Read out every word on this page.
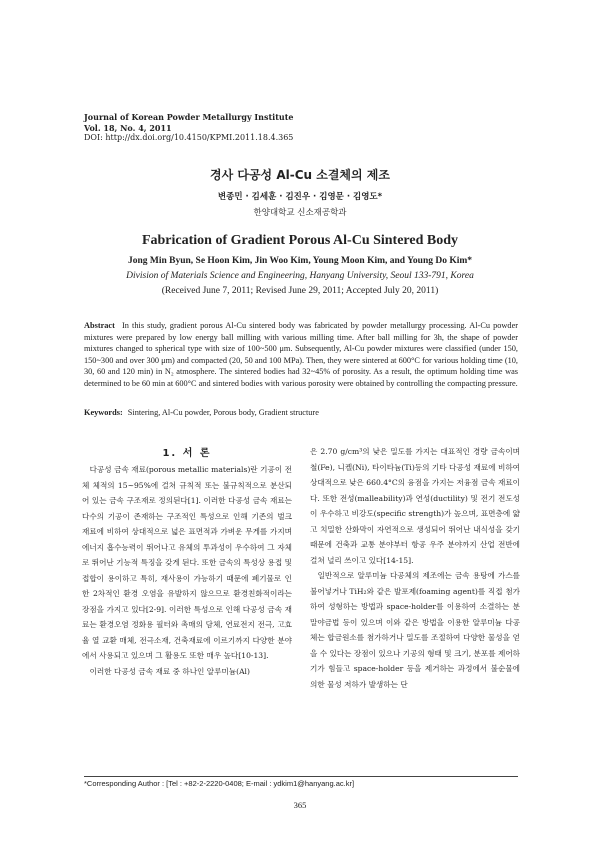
Journal of Korean Powder Metallurgy Institute
Vol. 18, No. 4, 2011
DOI: http://dx.doi.org/10.4150/KPMI.2011.18.4.365
경사 다공성 Al-Cu 소결체의 제조
변종민 · 김세훈 · 김진우 · 김영문 · 김영도*
한양대학교 신소재공학과
Fabrication of Gradient Porous Al-Cu Sintered Body
Jong Min Byun, Se Hoon Kim, Jin Woo Kim, Young Moon Kim, and Young Do Kim*
Division of Materials Science and Engineering, Hanyang University, Seoul 133-791, Korea
(Received June 7, 2011; Revised June 29, 2011; Accepted July 20, 2011)
Abstract In this study, gradient porous Al-Cu sintered body was fabricated by powder metallurgy processing. Al-Cu powder mixtures were prepared by low energy ball milling with various milling time. After ball milling for 3h, the shape of powder mixtures changed to spherical type with size of 100~500 μm. Subsequently, Al-Cu powder mixtures were classified (under 150, 150~300 and over 300 μm) and compacted (20, 50 and 100 MPa). Then, they were sintered at 600°C for various holding time (10, 30, 60 and 120 min) in N₂ atmosphere. The sintered bodies had 32~45% of porosity. As a result, the optimum holding time was determined to be 60 min at 600°C and sintered bodies with various porosity were obtained by controlling the compacting pressure.
Keywords: Sintering, Al-Cu powder, Porous body, Gradient structure
1. 서 론

다공성 금속 재료(porous metallic materials)란 기공이 전체 체적의 15~95%에 걸쳐 규칙적 또는 불규칙적으로 분산되어 있는 금속 구조재로 정의된다[1]. 이러한 다공성 금속 재료는 다수의 기공이 존재하는 구조적인 특성으로 인해 기존의 벌크 재료에 비하여 상대적으로 넓은 표면적과 가벼운 무게를 가지며 에너지 흡수능력이 뛰어나고 유체의 투과성이 우수하여 그 자체로 뛰어난 기능적 특징을 갖게 된다. 또한 금속의 특성상 용접 및 접합이 용이하고 특히, 재사용이 가능하기 때문에 폐기물로 인한 2차적인 환경 오염을 유발하지 않으므로 환경친화적이라는 장점을 가지고 있다[2-9]. 이러한 특성으로 인해 다공성 금속 재료는 환경오염 정화용 필터와 촉매의 담체, 연료전지 전극, 고효율 열 교환 매체, 전극소재, 건축재료에 이르기까지 다양한 분야에서 사용되고 있으며 그 활용도 또한 매우 높다[10-13].

이러한 다공성 금속 재료 중 하나인 알루미늄(Al)

은 2.70 g/cm³의 낮은 밀도를 가지는 대표적인 경량 금속이며 철(Fe), 니켈(Ni), 타이타늄(Ti)등의 기타 다공성 재료에 비하여 상대적으로 낮은 660.4°C의 융점을 가지는 저융점 금속 재료이다. 또한 전성(malleability)과 연성(ductility) 및 전기 전도성이 우수하고 비강도(specific strength)가 높으며, 표면층에 얇고 치밀한 산화막이 자연적으로 생성되어 뛰어난 내식성을 갖기 때문에 건축과 교통 분야부터 항공 우주 분야까지 산업 전반에 걸쳐 널리 쓰이고 있다[14-15].

일반적으로 알루미늄 다공체의 제조에는 금속 용탕에 가스를 불어넣거나 TiH₂와 같은 발포제(foaming agent)를 직접 첨가하여 성형하는 방법과 space-holder를 이용하여 소결하는 분말야금법 등이 있으며 이와 같은 방법을 이용한 알루미늄 다공체는 합금원소를 첨가하거나 밀도를 조절하여 다양한 물성을 얻을 수 있다는 장점이 있으나 기공의 형태 및 크기, 분포를 제어하기가 힘들고 space-holder 등을 제거하는 과정에서 불순물에 의한 물성 저하가 발생하는 단

*Corresponding Author : [Tel : +82-2-2220-0408; E-mail : ydkim1@hanyang.ac.kr]
365
